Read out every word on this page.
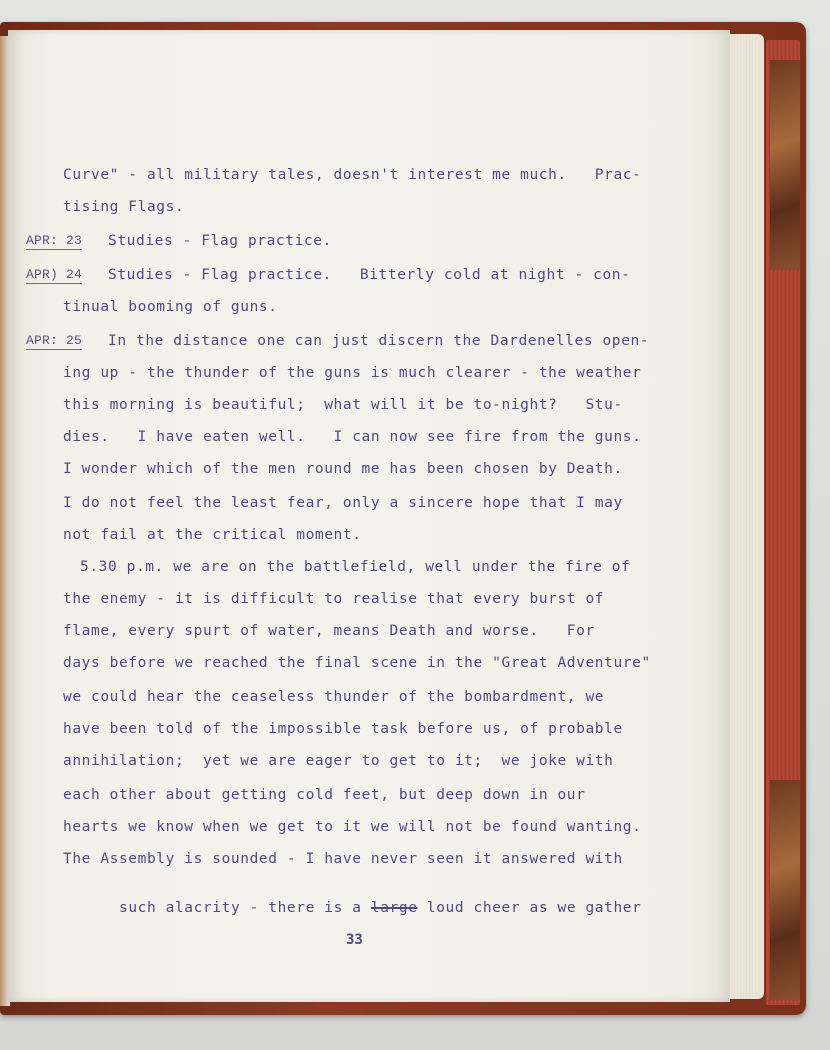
Curve" - all military tales, doesn't interest me much.   Prac-
tising Flags.
APR: 23 Studies - Flag practice.
APR) 24 Studies - Flag practice.   Bitterly cold at night - con-
tinual booming of guns.
APR: 25 In the distance one can just discern the Dardenelles open-
ing up - the thunder of the guns is much clearer - the weather
this morning is beautiful;  what will it be to-night?   Stu-
dies.   I have eaten well.   I can now see fire from the guns.
I wonder which of the men round me has been chosen by Death.
I do not feel the least fear, only a sincere hope that I may
not fail at the critical moment.
5.30 p.m. we are on the battlefield, well under the fire of
the enemy - it is difficult to realise that every burst of
flame, every spurt of water, means Death and worse.   For
days before we reached the final scene in the "Great Adventure"
we could hear the ceaseless thunder of the bombardment, we
have been told of the impossible task before us, of probable
annihilation;  yet we are eager to get to it;  we joke with
each other about getting cold feet, but deep down in our
hearts we know when we get to it we will not be found wanting.
The Assembly is sounded - I have never seen it answered with

such alacrity - there is a large loud cheer as we gather

33
